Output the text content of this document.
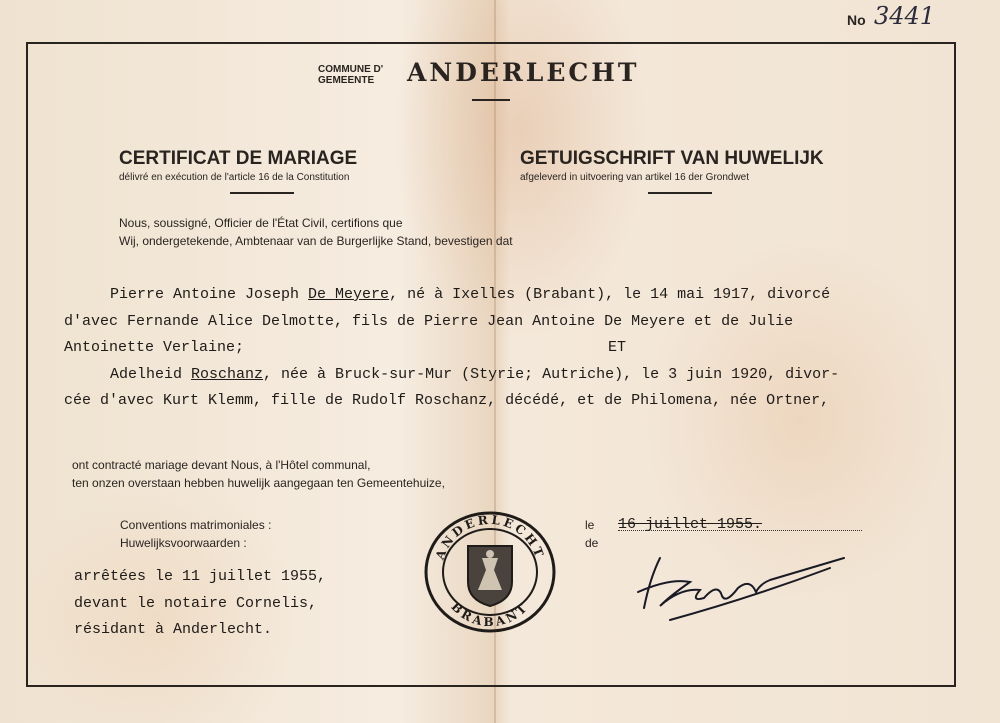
No 3441
COMMUNE D'
GEMEENTE	ANDERLECHT
CERTIFICAT DE MARIAGE
délivré en exécution de l'article 16 de la Constitution
GETUIGSCHRIFT VAN HUWELIJK
afgeleverd in uitvoering van artikel 16 der Grondwet
Nous, soussigné, Officier de l'État Civil, certifions que
Wij, ondergetekende, Ambtenaar van de Burgerlijke Stand, bevestigen dat
Pierre Antoine Joseph De Meyere, né à Ixelles (Brabant), le 14 mai 1917, divorcé
d'avec Fernande Alice Delmotte, fils de Pierre Jean Antoine De Meyere et de Julie
Antoinette Verlaine;	ET
Adelheid Roschanz, née à Bruck-sur-Mur (Styrie; Autriche), le 3 juin 1920, divor-
cée d'avec Kurt Klemm, fille de Rudolf Roschanz, décédé, et de Philomena, née Ortner,
ont contracté mariage devant Nous, à l'Hôtel communal,
ten onzen overstaan hebben huwelijk aangegaan ten Gemeentehuize,
Conventions matrimoniales :
Huwelijksvoorwaarden :
arrêtées le 11 juillet 1955,
devant le notaire Cornelis,
résidant à Anderlecht.
le
de
16 juillet 1955.
ANDERLECHT
BRABANT
